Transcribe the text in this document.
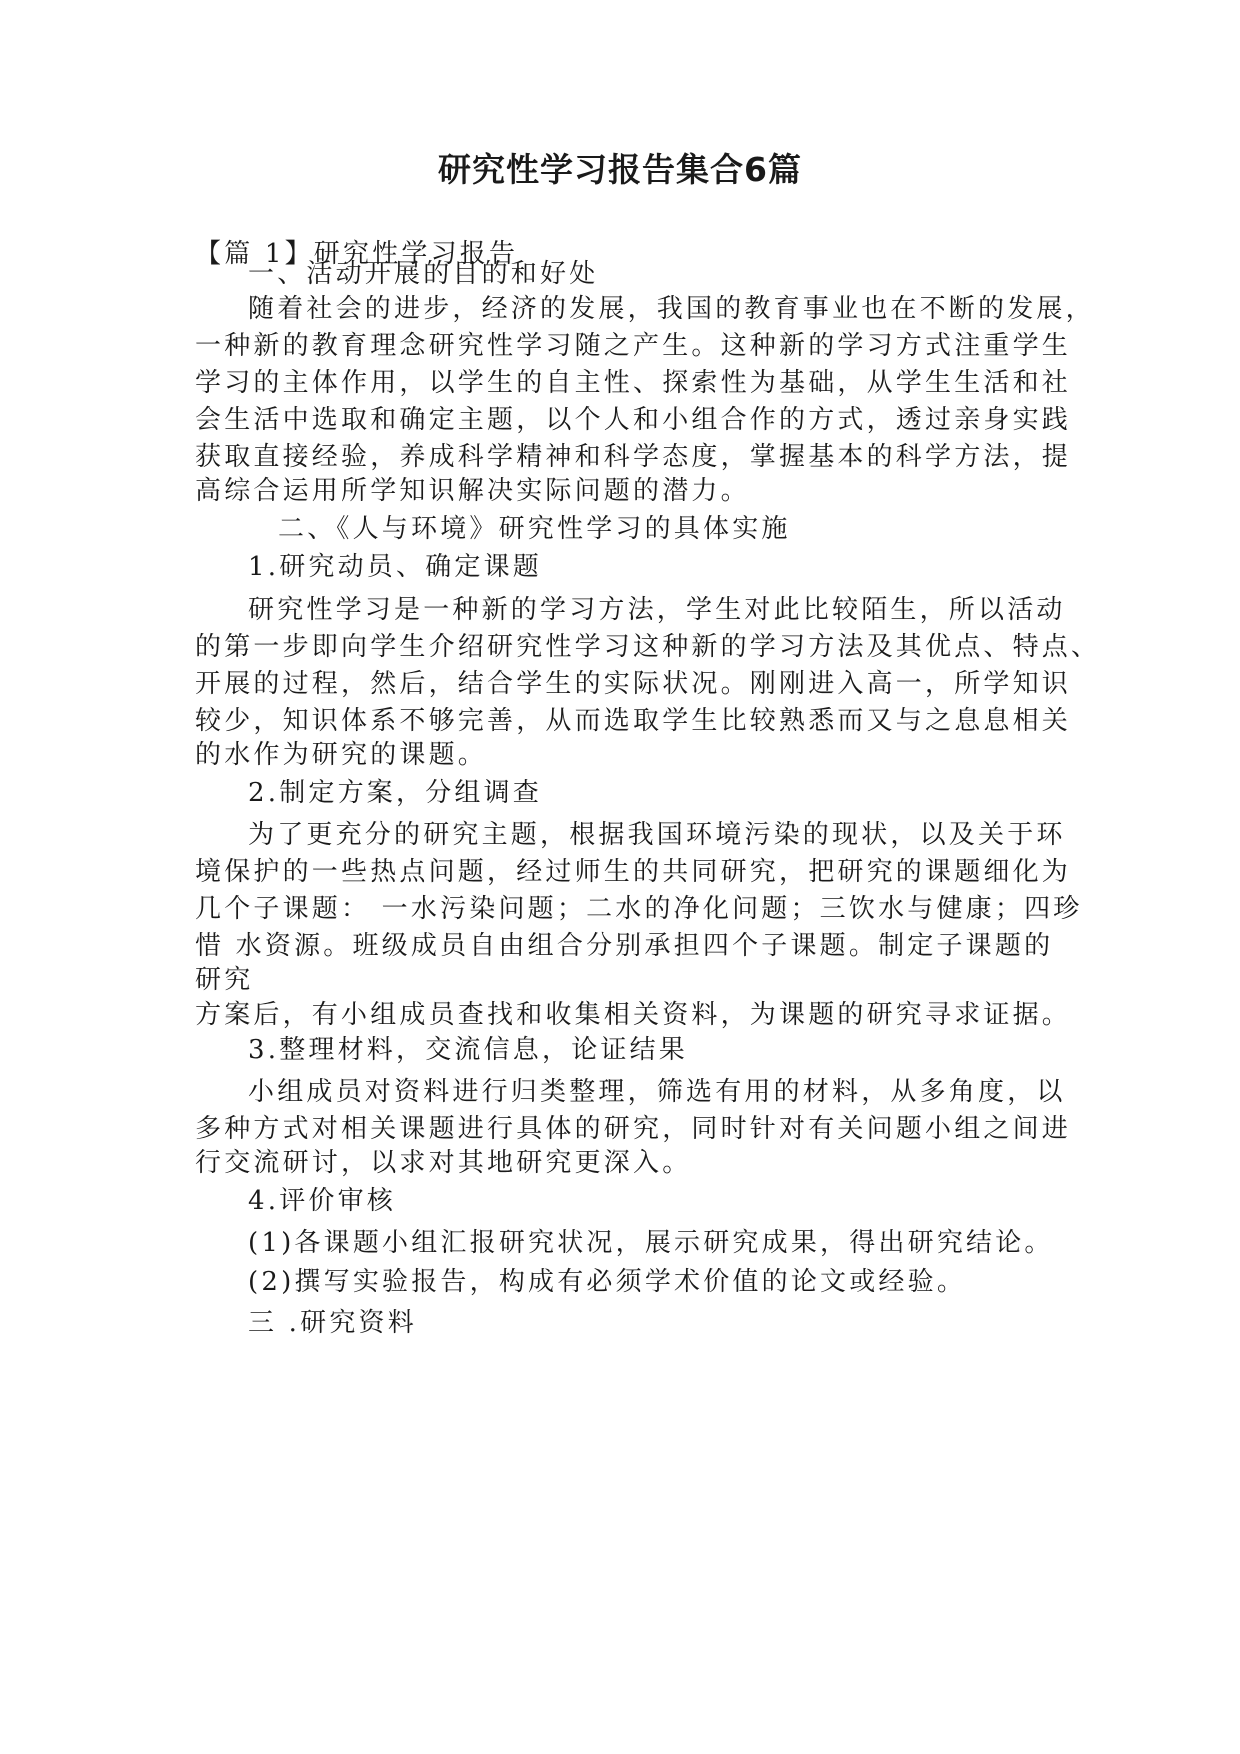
研究性学习报告集合6篇
【篇 1】研究性学习报告
一、活动开展的目的和好处
随着社会的进步，经济的发展，我国的教育事业也在不断的发展，
一种新的教育理念研究性学习随之产生。这种新的学习方式注重学生
学习的主体作用，以学生的自主性、探索性为基础，从学生生活和社
会生活中选取和确定主题，以个人和小组合作的方式，透过亲身实践
获取直接经验，养成科学精神和科学态度，掌握基本的科学方法，提
高综合运用所学知识解决实际问题的潜力。
二、《人与环境》研究性学习的具体实施
1.研究动员、确定课题
研究性学习是一种新的学习方法，学生对此比较陌生，所以活动
的第一步即向学生介绍研究性学习这种新的学习方法及其优点、特点、
开展的过程，然后，结合学生的实际状况。刚刚进入高一，所学知识
较少，知识体系不够完善，从而选取学生比较熟悉而又与之息息相关
的水作为研究的课题。
2.制定方案，分组调查
为了更充分的研究主题，根据我国环境污染的现状，以及关于环
境保护的一些热点问题，经过师生的共同研究，把研究的课题细化为
几个子课题： 一水污染问题；二水的净化问题；三饮水与健康；四珍
惜 水资源。班级成员自由组合分别承担四个子课题。制定子课题的
研究
方案后，有小组成员查找和收集相关资料，为课题的研究寻求证据。
3.整理材料，交流信息，论证结果
小组成员对资料进行归类整理，筛选有用的材料，从多角度，以
多种方式对相关课题进行具体的研究，同时针对有关问题小组之间进
行交流研讨，以求对其地研究更深入。
4.评价审核
(1)各课题小组汇报研究状况，展示研究成果，得出研究结论。
(2)撰写实验报告，构成有必须学术价值的论文或经验。
三 .研究资料
